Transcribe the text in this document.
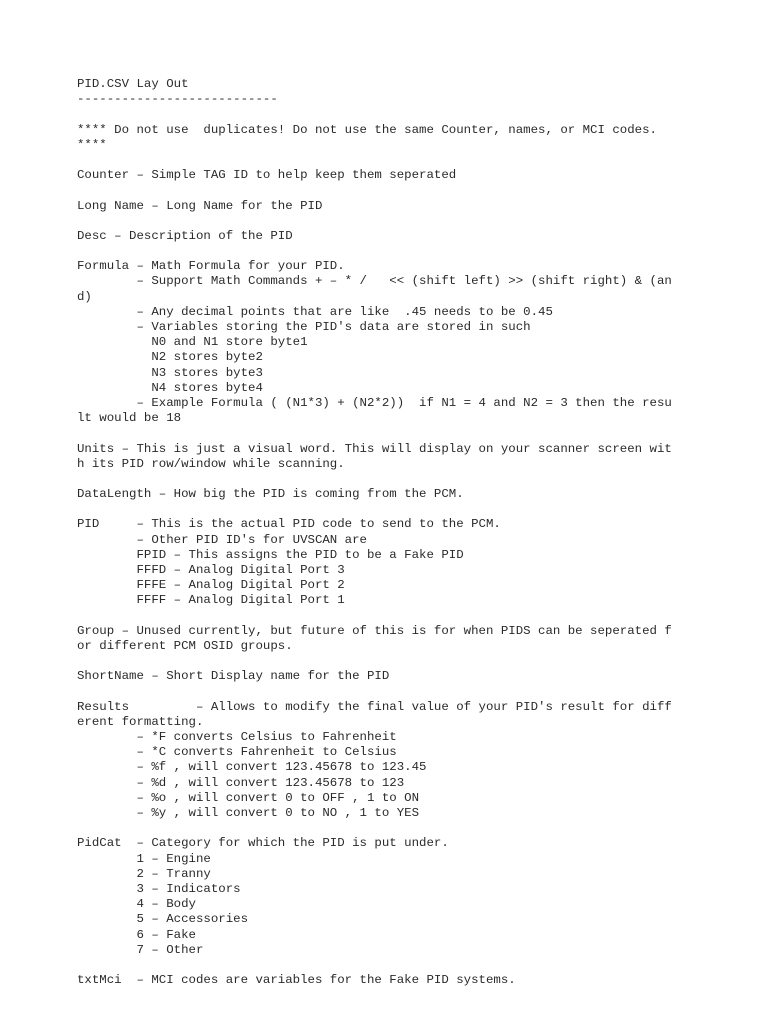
PID.CSV Lay Out
---------------------------
**** Do not use  duplicates! Do not use the same Counter, names, or MCI codes.
****
Counter – Simple TAG ID to help keep them seperated
Long Name – Long Name for the PID
Desc – Description of the PID
Formula – Math Formula for your PID.
– Support Math Commands + – * /   << (shift left) >> (shift right) & (an
d)
– Any decimal points that are like  .45 needs to be 0.45
– Variables storing the PID's data are stored in such
N0 and N1 store byte1
N2 stores byte2
N3 stores byte3
N4 stores byte4
– Example Formula ( (N1*3) + (N2*2))  if N1 = 4 and N2 = 3 then the resu
lt would be 18
Units – This is just a visual word. This will display on your scanner screen wit
h its PID row/window while scanning.
DataLength – How big the PID is coming from the PCM.
PID     – This is the actual PID code to send to the PCM.
– Other PID ID's for UVSCAN are
FPID – This assigns the PID to be a Fake PID
FFFD – Analog Digital Port 3
FFFE – Analog Digital Port 2
FFFF – Analog Digital Port 1
Group – Unused currently, but future of this is for when PIDS can be seperated f
or different PCM OSID groups.
ShortName – Short Display name for the PID
Results         – Allows to modify the final value of your PID's result for diff
erent formatting.
– *F converts Celsius to Fahrenheit
– *C converts Fahrenheit to Celsius
– %f , will convert 123.45678 to 123.45
– %d , will convert 123.45678 to 123
– %o , will convert 0 to OFF , 1 to ON
– %y , will convert 0 to NO , 1 to YES
PidCat  – Category for which the PID is put under.
1 – Engine
2 – Tranny
3 – Indicators
4 – Body
5 – Accessories
6 – Fake
7 – Other
txtMci  – MCI codes are variables for the Fake PID systems.
